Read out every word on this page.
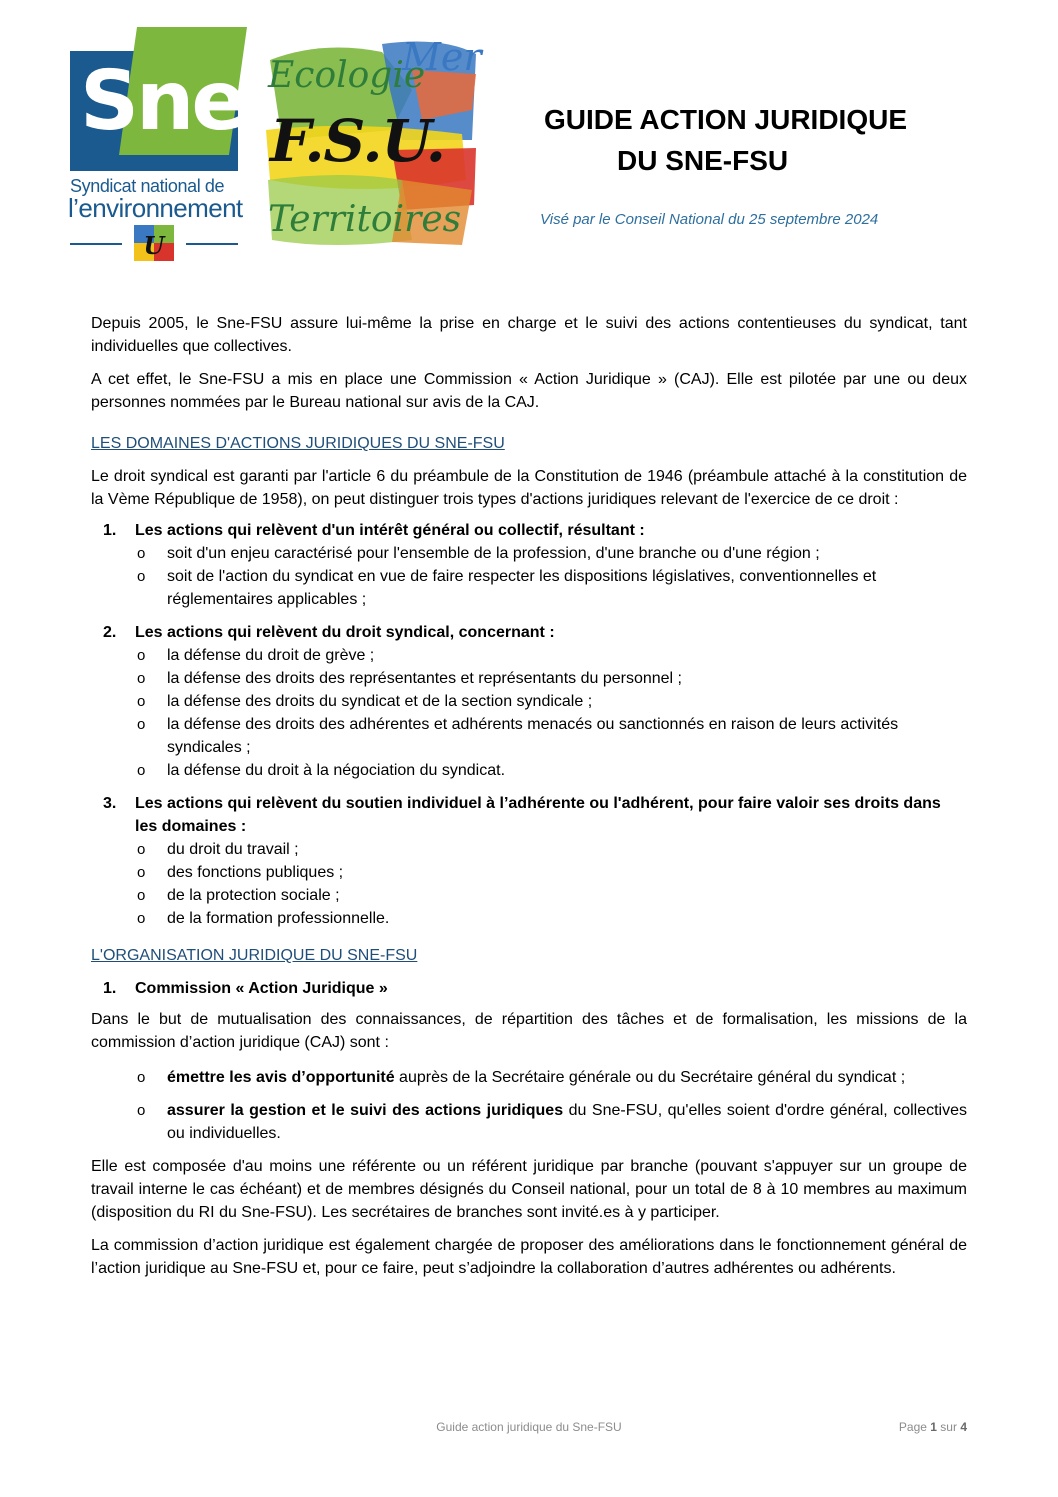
Sne
Syndicat national de
l’environnement
U
Ecologie
Mer
F.S.U.
Territoires
GUIDE ACTION JURIDIQUE
DU SNE-FSU
Visé par le Conseil National du 25 septembre 2024

Depuis 2005, le Sne-FSU assure lui-même la prise en charge et le suivi des actions contentieuses du syndicat, tant individuelles que collectives.

A cet effet, le Sne-FSU a mis en place une Commission « Action Juridique » (CAJ). Elle est pilotée par une ou deux personnes nommées par le Bureau national sur avis de la CAJ.

LES DOMAINES D'ACTIONS JURIDIQUES DU SNE-FSU

Le droit syndical est garanti par l'article 6 du préambule de la Constitution de 1946 (préambule attaché à la constitution de la Vème République de 1958), on peut distinguer trois types d'actions juridiques relevant de l'exercice de ce droit :

1. Les actions qui relèvent d'un intérêt général ou collectif, résultant :
o soit d'un enjeu caractérisé pour l'ensemble de la profession, d'une branche ou d'une région ;
o soit de l'action du syndicat en vue de faire respecter les dispositions législatives, conventionnelles et réglementaires applicables ;
2. Les actions qui relèvent du droit syndical, concernant :
o la défense du droit de grève ;
o la défense des droits des représentantes et représentants du personnel ;
o la défense des droits du syndicat et de la section syndicale ;
o la défense des droits des adhérentes et adhérents menacés ou sanctionnés en raison de leurs activités syndicales ;
o la défense du droit à la négociation du syndicat.
3. Les actions qui relèvent du soutien individuel à l’adhérente ou l'adhérent, pour faire valoir ses droits dans les domaines :
o du droit du travail ;
o des fonctions publiques ;
o de la protection sociale ;
o de la formation professionnelle.
L'ORGANISATION JURIDIQUE DU SNE-FSU
1. Commission « Action Juridique »

Dans le but de mutualisation des connaissances, de répartition des tâches et de formalisation, les missions de la commission d’action juridique (CAJ) sont :

o émettre les avis d’opportunité auprès de la Secrétaire générale ou du Secrétaire général du syndicat ;
o assurer la gestion et le suivi des actions juridiques du Sne-FSU, qu'elles soient d'ordre général, collectives ou individuelles.

Elle est composée d'au moins une référente ou un référent juridique par branche (pouvant s'appuyer sur un groupe de travail interne le cas échéant) et de membres désignés du Conseil national, pour un total de 8 à 10 membres au maximum (disposition du RI du Sne-FSU). Les secrétaires de branches sont invité.es à y participer.

La commission d’action juridique est également chargée de proposer des améliorations dans le fonctionnement général de l’action juridique au Sne-FSU et, pour ce faire, peut s’adjoindre la collaboration d’autres adhérentes ou adhérents.

Guide action juridique du Sne-FSU	Page 1 sur 4
